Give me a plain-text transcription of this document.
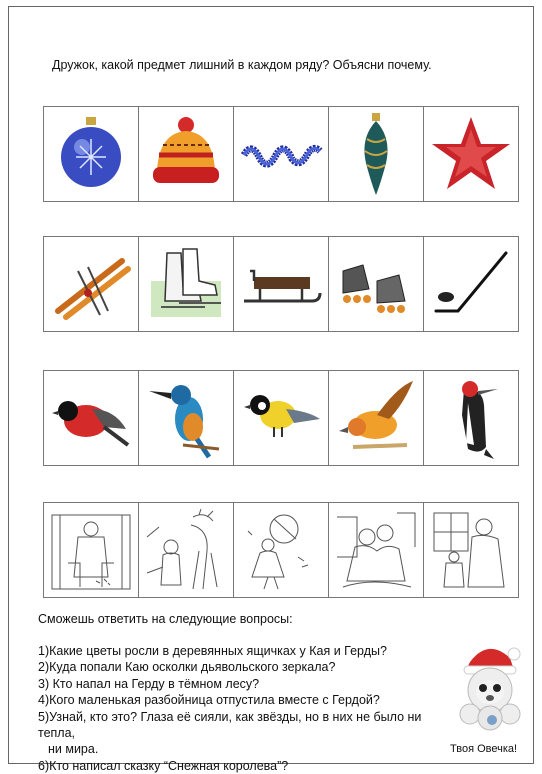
Дружок, какой предмет лишний в каждом ряду? Объясни почему.
Сможешь ответить на следующие вопросы:
1)Какие цветы росли в деревянных ящичках у Кая и Герды?
2)Куда попали Каю осколки дьявольского зеркала?
3) Кто напал на Герду в тёмном лесу?
4)Кого маленькая разбойница отпустила вместе с Гердой?
5)Узнай, кто это? Глаза её сияли, как звёзды, но в них не было ни тепла,
ни мира.
6)Кто написал сказку “Снежная королева”?
Твоя Овечка!
